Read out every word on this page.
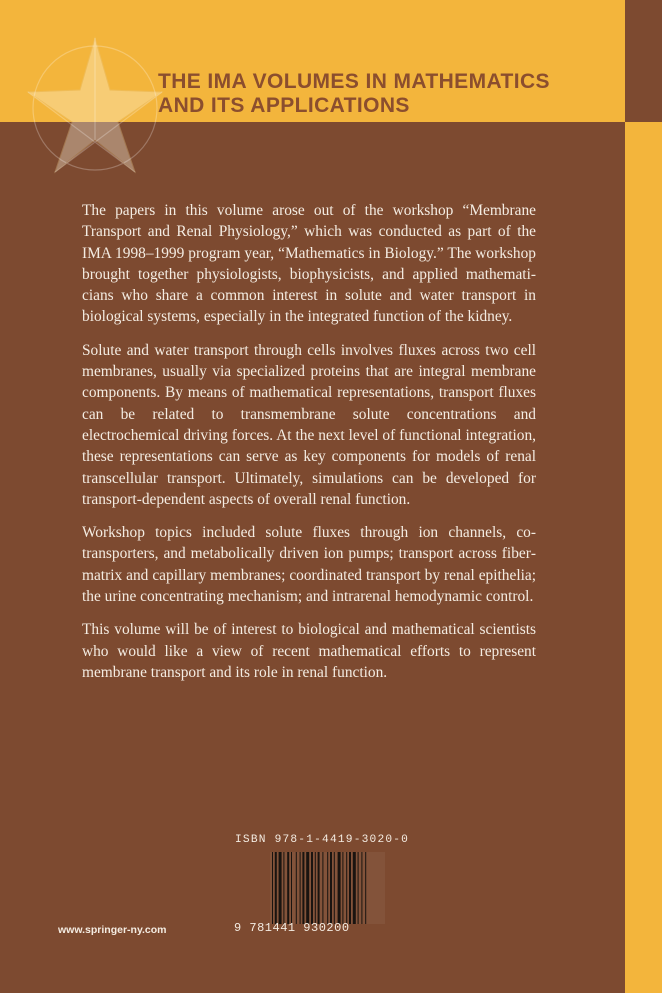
THE IMA VOLUMES IN MATHEMATICS
AND ITS APPLICATIONS

The papers in this volume arose out of the workshop “Membrane Transport and Renal Physiology,” which was conducted as part of the IMA 1998–1999 program year, “Mathematics in Biology.” The workshop brought together physiologists, biophysicists, and applied mathematicians who share a common interest in solute and water transport in biological systems, especially in the integrated function of the kidney.

Solute and water transport through cells involves fluxes across two cell membranes, usually via specialized proteins that are integral membrane components. By means of mathematical representations, transport fluxes can be related to transmembrane solute concentrations and electrochemical driving forces. At the next level of functional integration, these representations can serve as key components for models of renal transcellular transport. Ultimately, simulations can be developed for transport-dependent aspects of overall renal function.

Workshop topics included solute fluxes through ion channels, cotransporters, and metabolically driven ion pumps; transport across fibermatrix and capillary membranes; coordinated transport by renal epithelia; the urine concentrating mechanism; and intrarenal hemodynamic control.

This volume will be of interest to biological and mathematical scientists who would like a view of recent mathematical efforts to represent membrane transport and its role in renal function.

ISBN 978-1-4419-3020-0
9 781441 930200
www.springer-ny.com
